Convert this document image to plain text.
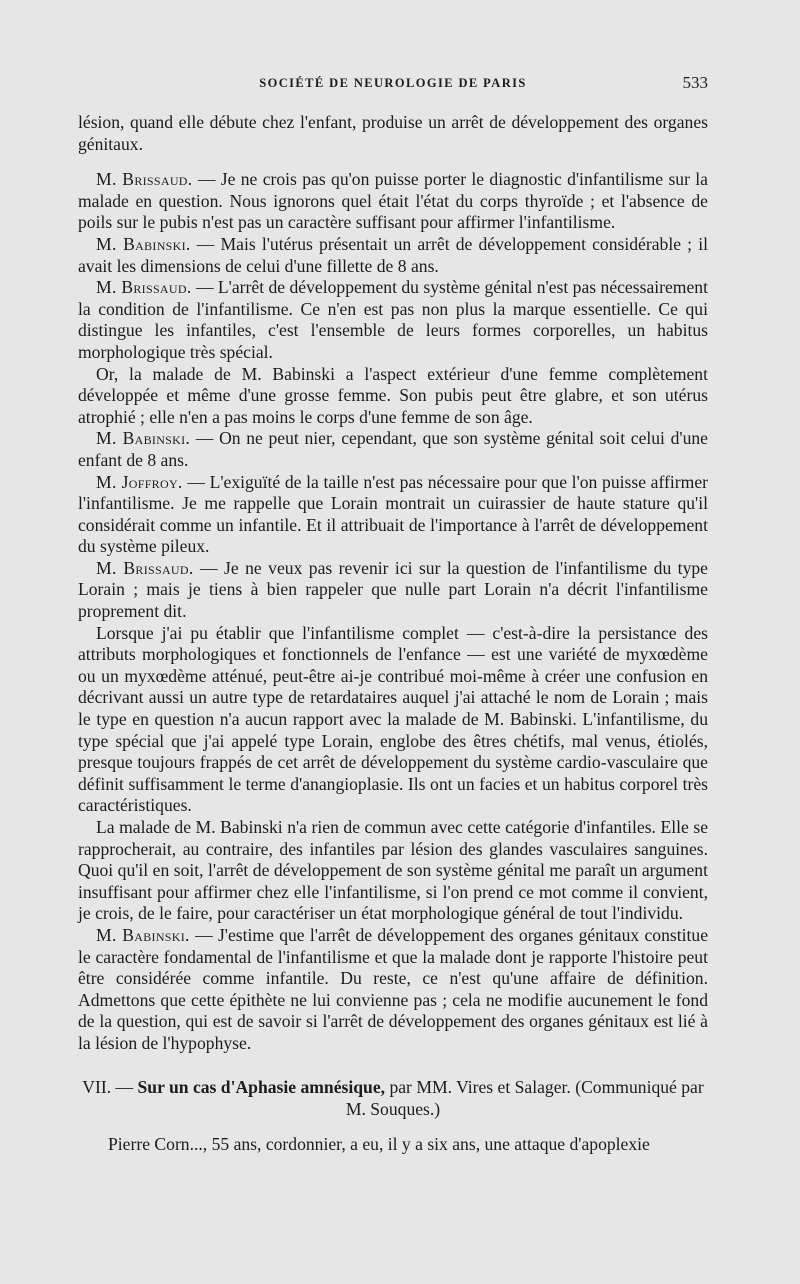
SOCIÉTÉ DE NEUROLOGIE DE PARIS	533

lésion, quand elle débute chez l'enfant, produise un arrêt de développement des organes génitaux.

M. Brissaud. — Je ne crois pas qu'on puisse porter le diagnostic d'infantilisme sur la malade en question. Nous ignorons quel était l'état du corps thyroïde ; et l'absence de poils sur le pubis n'est pas un caractère suffisant pour affirmer l'infantilisme.

M. Babinski. — Mais l'utérus présentait un arrêt de développement considérable ; il avait les dimensions de celui d'une fillette de 8 ans.

M. Brissaud. — L'arrêt de développement du système génital n'est pas nécessairement la condition de l'infantilisme. Ce n'en est pas non plus la marque essentielle. Ce qui distingue les infantiles, c'est l'ensemble de leurs formes corporelles, un habitus morphologique très spécial.

Or, la malade de M. Babinski a l'aspect extérieur d'une femme complètement développée et même d'une grosse femme. Son pubis peut être glabre, et son utérus atrophié ; elle n'en a pas moins le corps d'une femme de son âge.

M. Babinski. — On ne peut nier, cependant, que son système génital soit celui d'une enfant de 8 ans.

M. Joffroy. — L'exiguïté de la taille n'est pas nécessaire pour que l'on puisse affirmer l'infantilisme. Je me rappelle que Lorain montrait un cuirassier de haute stature qu'il considérait comme un infantile. Et il attribuait de l'importance à l'arrêt de développement du système pileux.

M. Brissaud. — Je ne veux pas revenir ici sur la question de l'infantilisme du type Lorain ; mais je tiens à bien rappeler que nulle part Lorain n'a décrit l'infantilisme proprement dit.

Lorsque j'ai pu établir que l'infantilisme complet — c'est-à-dire la persistance des attributs morphologiques et fonctionnels de l'enfance — est une variété de myxœdème ou un myxœdème atténué, peut-être ai-je contribué moi-même à créer une confusion en décrivant aussi un autre type de retardataires auquel j'ai attaché le nom de Lorain ; mais le type en question n'a aucun rapport avec la malade de M. Babinski. L'infantilisme, du type spécial que j'ai appelé type Lorain, englobe des êtres chétifs, mal venus, étiolés, presque toujours frappés de cet arrêt de développement du système cardio-vasculaire que définit suffisamment le terme d'anangioplasie. Ils ont un facies et un habitus corporel très caractéristiques.

La malade de M. Babinski n'a rien de commun avec cette catégorie d'infantiles. Elle se rapprocherait, au contraire, des infantiles par lésion des glandes vasculaires sanguines. Quoi qu'il en soit, l'arrêt de développement de son système génital me paraît un argument insuffisant pour affirmer chez elle l'infantilisme, si l'on prend ce mot comme il convient, je crois, de le faire, pour caractériser un état morphologique général de tout l'individu.

M. Babinski. — J'estime que l'arrêt de développement des organes génitaux constitue le caractère fondamental de l'infantilisme et que la malade dont je rapporte l'histoire peut être considérée comme infantile. Du reste, ce n'est qu'une affaire de définition. Admettons que cette épithète ne lui convienne pas ; cela ne modifie aucunement le fond de la question, qui est de savoir si l'arrêt de développement des organes génitaux est lié à la lésion de l'hypophyse.

VII. — Sur un cas d'Aphasie amnésique, par MM. Vires et Salager. (Communiqué par M. Souques.)
Pierre Corn..., 55 ans, cordonnier, a eu, il y a six ans, une attaque d'apoplexie
